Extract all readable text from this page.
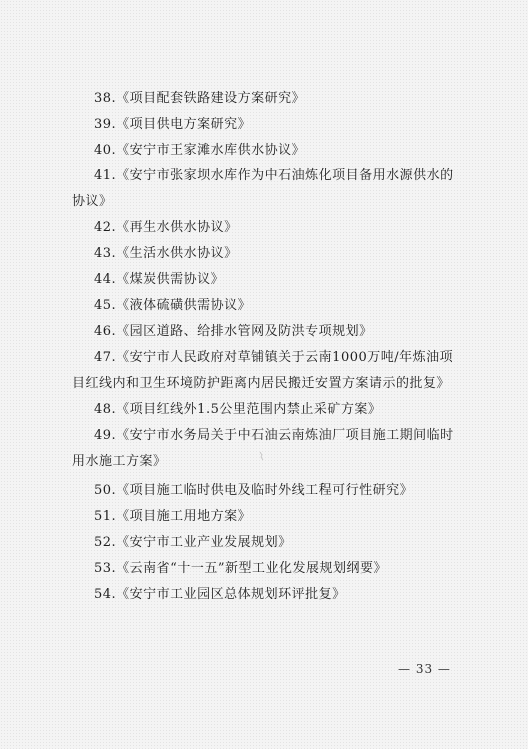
38.《项目配套铁路建设方案研究》
39.《项目供电方案研究》
40.《安宁市王家滩水库供水协议》
41.《安宁市张家坝水库作为中石油炼化项目备用水源供水的
协议》
42.《再生水供水协议》
43.《生活水供水协议》
44.《煤炭供需协议》
45.《液体硫磺供需协议》
46.《园区道路、给排水管网及防洪专项规划》
47.《安宁市人民政府对草铺镇关于云南1000万吨/年炼油项
目红线内和卫生环境防护距离内居民搬迁安置方案请示的批复》
48.《项目红线外1.5公里范围内禁止采矿方案》
49.《安宁市水务局关于中石油云南炼油厂项目施工期间临时
用水施工方案》
50.《项目施工临时供电及临时外线工程可行性研究》
51.《项目施工用地方案》
52.《安宁市工业产业发展规划》
53.《云南省“十一五”新型工业化发展规划纲要》
54.《安宁市工业园区总体规划环评批复》
— 33 —
